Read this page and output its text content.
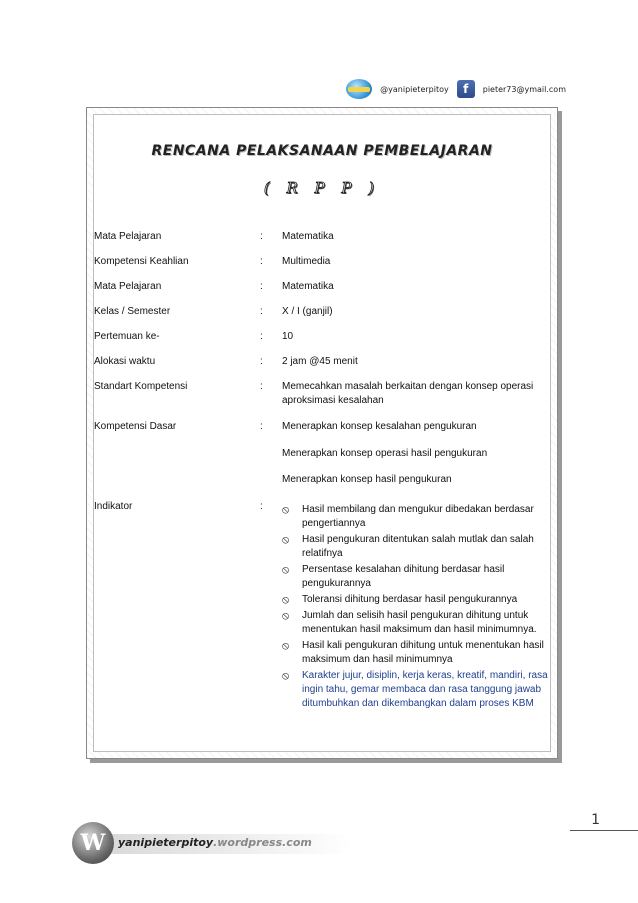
@yanipieterpitoy	f	pieter73@ymail.com
RENCANA PELAKSANAAN PEMBELAJARAN
( R P P )
Mata Pelajaran	: Matematika
Kompetensi Keahlian	: Multimedia
Mata Pelajaran	: Matematika
Kelas / Semester	: X / I (ganjil)
Pertemuan ke-	: 10
Alokasi waktu	: 2 jam @45 menit
Standart Kompetensi	: Memecahkan masalah berkaitan dengan konsep operasi aproksimasi kesalahan
Kompetensi Dasar	: Menerapkan konsep kesalahan pengukuran
Menerapkan konsep operasi hasil pengukuran
Menerapkan konsep hasil pengukuran
Indikator	: ⦸	Hasil membilang dan mengukur dibedakan berdasar pengertiannya
⦸	Hasil pengukuran ditentukan salah mutlak dan salah relatifnya
⦸	Persentase kesalahan dihitung berdasar hasil pengukurannya
⦸	Toleransi dihitung berdasar hasil pengukurannya
⦸	Jumlah dan selisih hasil pengukuran dihitung untuk menentukan hasil maksimum dan hasil minimumnya.
⦸	Hasil kali pengukuran dihitung untuk menentukan hasil maksimum dan hasil minimumnya
⦸	Karakter jujur, disiplin, kerja keras, kreatif, mandiri, rasa ingin tahu, gemar membaca dan rasa tanggung jawab ditumbuhkan dan dikembangkan dalam proses KBM
1
W	yanipieterpitoy.wordpress.com
